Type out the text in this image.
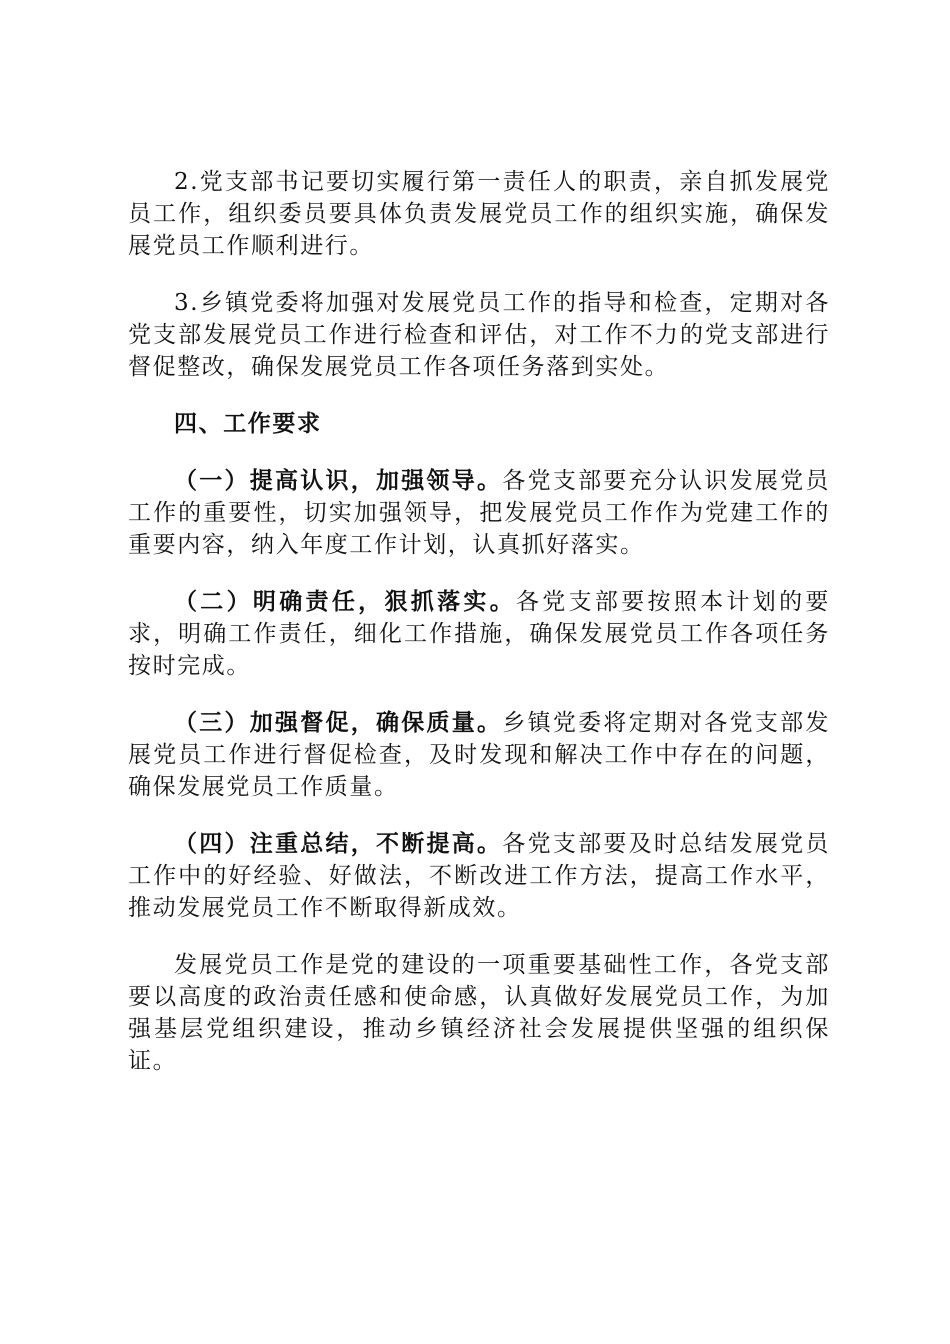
2.党支部书记要切实履行第一责任人的职责，亲自抓发展党员工作，组织委员要具体负责发展党员工作的组织实施，确保发展党员工作顺利进行。

3.乡镇党委将加强对发展党员工作的指导和检查，定期对各党支部发展党员工作进行检查和评估，对工作不力的党支部进行督促整改，确保发展党员工作各项任务落到实处。

四、工作要求

（一）提高认识，加强领导。各党支部要充分认识发展党员工作的重要性，切实加强领导，把发展党员工作作为党建工作的重要内容，纳入年度工作计划，认真抓好落实。

（二）明确责任，狠抓落实。各党支部要按照本计划的要求，明确工作责任，细化工作措施，确保发展党员工作各项任务按时完成。

（三）加强督促，确保质量。乡镇党委将定期对各党支部发展党员工作进行督促检查，及时发现和解决工作中存在的问题，确保发展党员工作质量。

（四）注重总结，不断提高。各党支部要及时总结发展党员工作中的好经验、好做法，不断改进工作方法，提高工作水平，推动发展党员工作不断取得新成效。

发展党员工作是党的建设的一项重要基础性工作，各党支部要以高度的政治责任感和使命感，认真做好发展党员工作，为加强基层党组织建设，推动乡镇经济社会发展提供坚强的组织保证。
